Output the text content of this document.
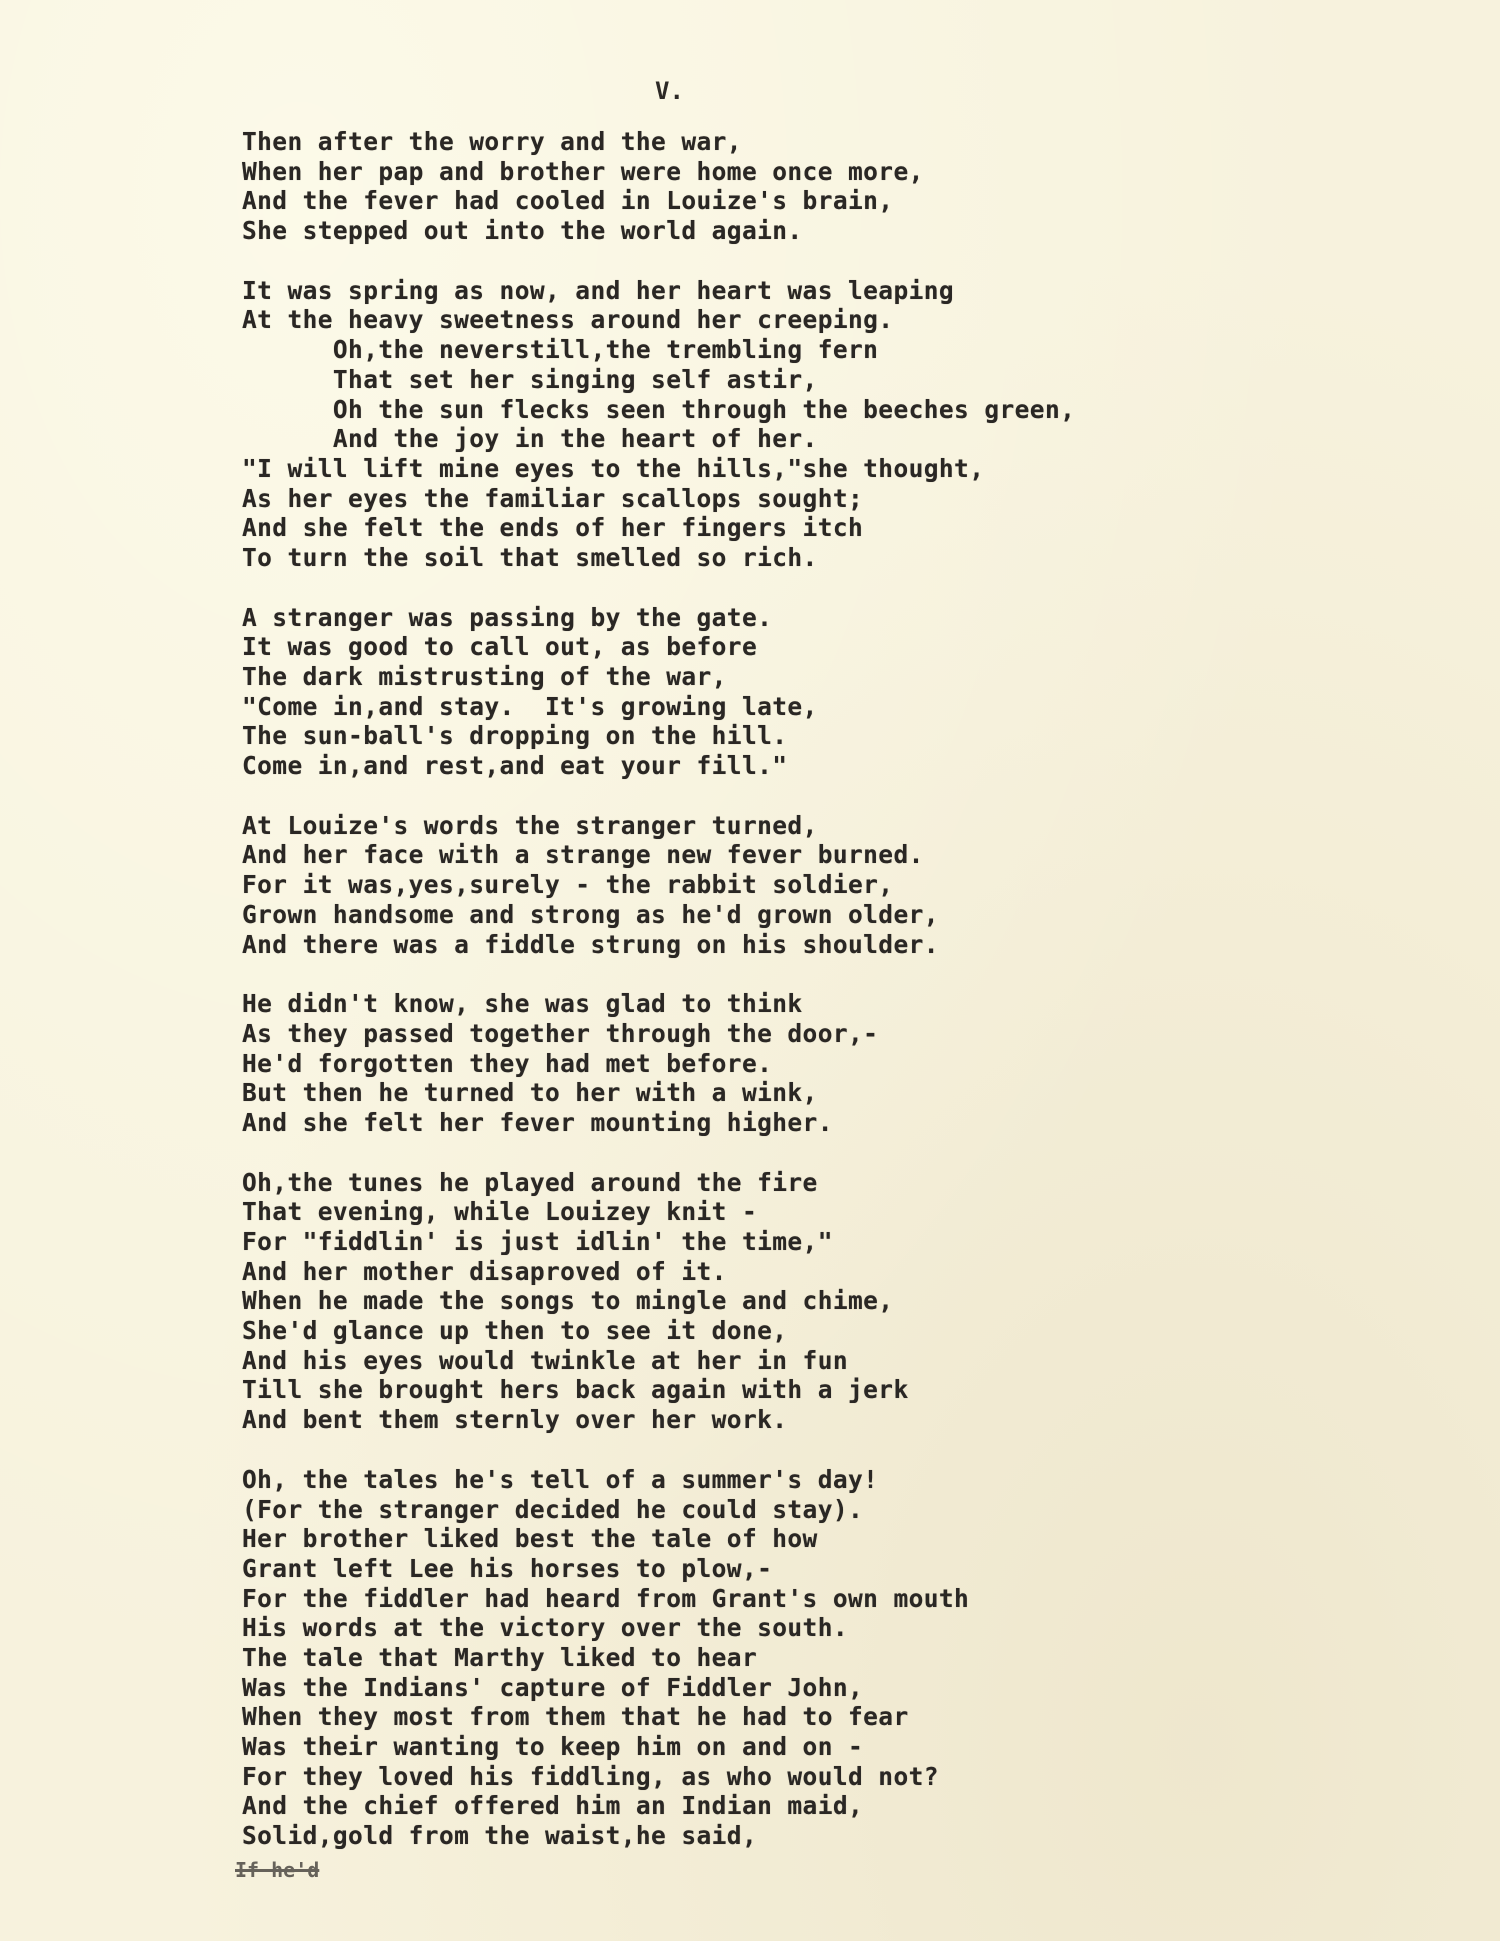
V.
Then after the worry and the war,
When her pap and brother were home once more,
And the fever had cooled in Louize's brain,
She stepped out into the world again.
It was spring as now, and her heart was leaping
At the heavy sweetness around her creeping.
Oh,the neverstill,the trembling fern
That set her singing self astir,
Oh the sun flecks seen through the beeches green,
And the joy in the heart of her.
"I will lift mine eyes to the hills,"she thought,
As her eyes the familiar scallops sought;
And she felt the ends of her fingers itch
To turn the soil that smelled so rich.
A stranger was passing by the gate.
It was good to call out, as before
The dark mistrusting of the war,
"Come in,and stay.  It's growing late,
The sun-ball's dropping on the hill.
Come in,and rest,and eat your fill."
At Louize's words the stranger turned,
And her face with a strange new fever burned.
For it was,yes,surely - the rabbit soldier,
Grown handsome and strong as he'd grown older,
And there was a fiddle strung on his shoulder.
He didn't know, she was glad to think
As they passed together through the door,-
He'd forgotten they had met before.
But then he turned to her with a wink,
And she felt her fever mounting higher.
Oh,the tunes he played around the fire
That evening, while Louizey knit -
For "fiddlin' is just idlin' the time,"
And her mother disaproved of it.
When he made the songs to mingle and chime,
She'd glance up then to see it done,
And his eyes would twinkle at her in fun
Till she brought hers back again with a jerk
And bent them sternly over her work.
Oh, the tales he's tell of a summer's day!
(For the stranger decided he could stay).
Her brother liked best the tale of how
Grant left Lee his horses to plow,-
For the fiddler had heard from Grant's own mouth
His words at the victory over the south.
The tale that Marthy liked to hear
Was the Indians' capture of Fiddler John,
When they most from them that he had to fear
Was their wanting to keep him on and on -
For they loved his fiddling, as who would not?
And the chief offered him an Indian maid,
Solid,gold from the waist,he said,
If he'd
